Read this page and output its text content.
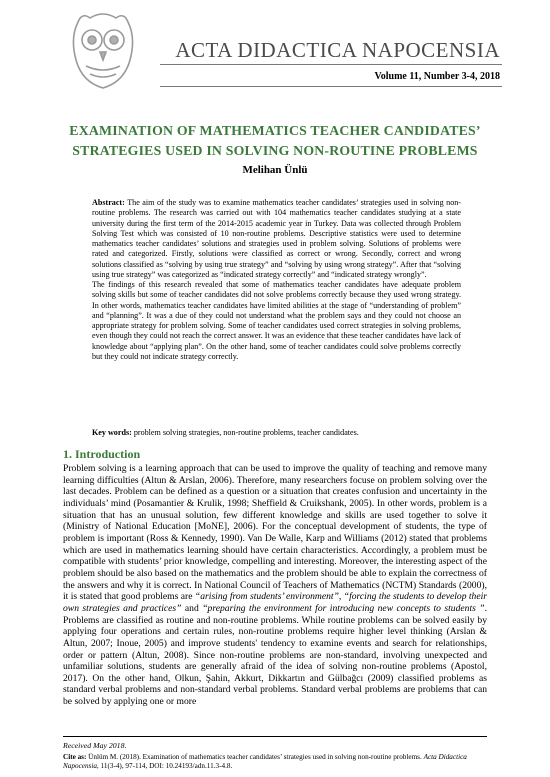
ACTA DIDACTICA NAPOCENSIA
Volume 11, Number 3-4, 2018
EXAMINATION OF MATHEMATICS TEACHER CANDIDATES’
STRATEGIES USED IN SOLVING NON-ROUTINE PROBLEMS
Melihan Ünlü

Abstract: The aim of the study was to examine mathematics teacher candidates’ strategies used in solving non-routine problems. The research was carried out with 104 mathematics teacher candidates studying at a state university during the first term of the 2014-2015 academic year in Turkey. Data was collected through Problem Solving Test which was consisted of 10 non-routine problems. Descriptive statistics were used to determine mathematics teacher candidates’ solutions and strategies used in problem solving. Solutions of problems were rated and categorized. Firstly, solutions were classified as correct or wrong. Secondly, correct and wrong solutions classified as “solving by using true strategy” and “solving by using wrong strategy”. After that “solving using true strategy” was categorized as “indicated strategy correctly” and “indicated strategy wrongly”.

The findings of this research revealed that some of mathematics teacher candidates have adequate problem solving skills but some of teacher candidates did not solve problems correctly because they used wrong strategy. In other words, mathematics teacher candidates have limited abilities at the stage of “understanding of problem” and “planning”. It was a due of they could not understand what the problem says and they could not choose an appropriate strategy for problem solving. Some of teacher candidates used correct strategies in solving problems, even though they could not reach the correct answer. It was an evidence that these teacher candidates have lack of knowledge about “applying plan”. On the other hand, some of teacher candidates could solve problems correctly but they could not indicate strategy correctly.

Key words: problem solving strategies, non-routine problems, teacher candidates.
1. Introduction

Problem solving is a learning approach that can be used to improve the quality of teaching and remove many learning difficulties (Altun & Arslan, 2006). Therefore, many researchers focuse on problem solving over the last decades. Problem can be defined as a question or a situation that creates confusion and uncertainty in the individuals’ mind (Posamantier & Krulik, 1998; Sheffield & Cruikshank, 2005). In other words, problem is a situation that has an unusual solution, few different knowledge and skills are used together to solve it (Ministry of National Education [MoNE], 2006). For the conceptual development of students, the type of problem is important (Ross & Kennedy, 1990). Van De Walle, Karp and Williams (2012) stated that problems which are used in mathematics learning should have certain characteristics. Accordingly, a problem must be compatible with students’ prior knowledge, compelling and interesting. Moreover, the interesting aspect of the problem should be also based on the mathematics and the problem should be able to explain the correctness of the answers and why it is correct. In National Council of Teachers of Mathematics (NCTM) Standards (2000), it is stated that good problems are “arising from students’ environment”, “forcing the students to develop their own strategies and practices” and “preparing the environment for introducing new concepts to students ”. Problems are classified as routine and non-routine problems. While routine problems can be solved easily by applying four operations and certain rules, non-routine problems require higher level thinking (Arslan & Altun, 2007; Inoue, 2005) and improve students' tendency to examine events and search for relationships, order or pattern (Altun, 2008). Since non-routine problems are non-standard, involving unexpected and unfamiliar solutions, students are generally afraid of the idea of solving non-routine problems (Apostol, 2017). On the other hand, Olkun, Şahin, Akkurt, Dikkartın and Gülbağcı (2009) classified problems as standard verbal problems and non-standard verbal problems. Standard verbal problems are problems that can be solved by applying one or more

Received May 2018.
Cite as: Ünlüm M. (2018). Examination of mathematics teacher candidates’ strategies used in solving non-routine problems. Acta Didactica Napocensia, 11(3-4), 97-114, DOI: 10.24193/adn.11.3-4.8.
